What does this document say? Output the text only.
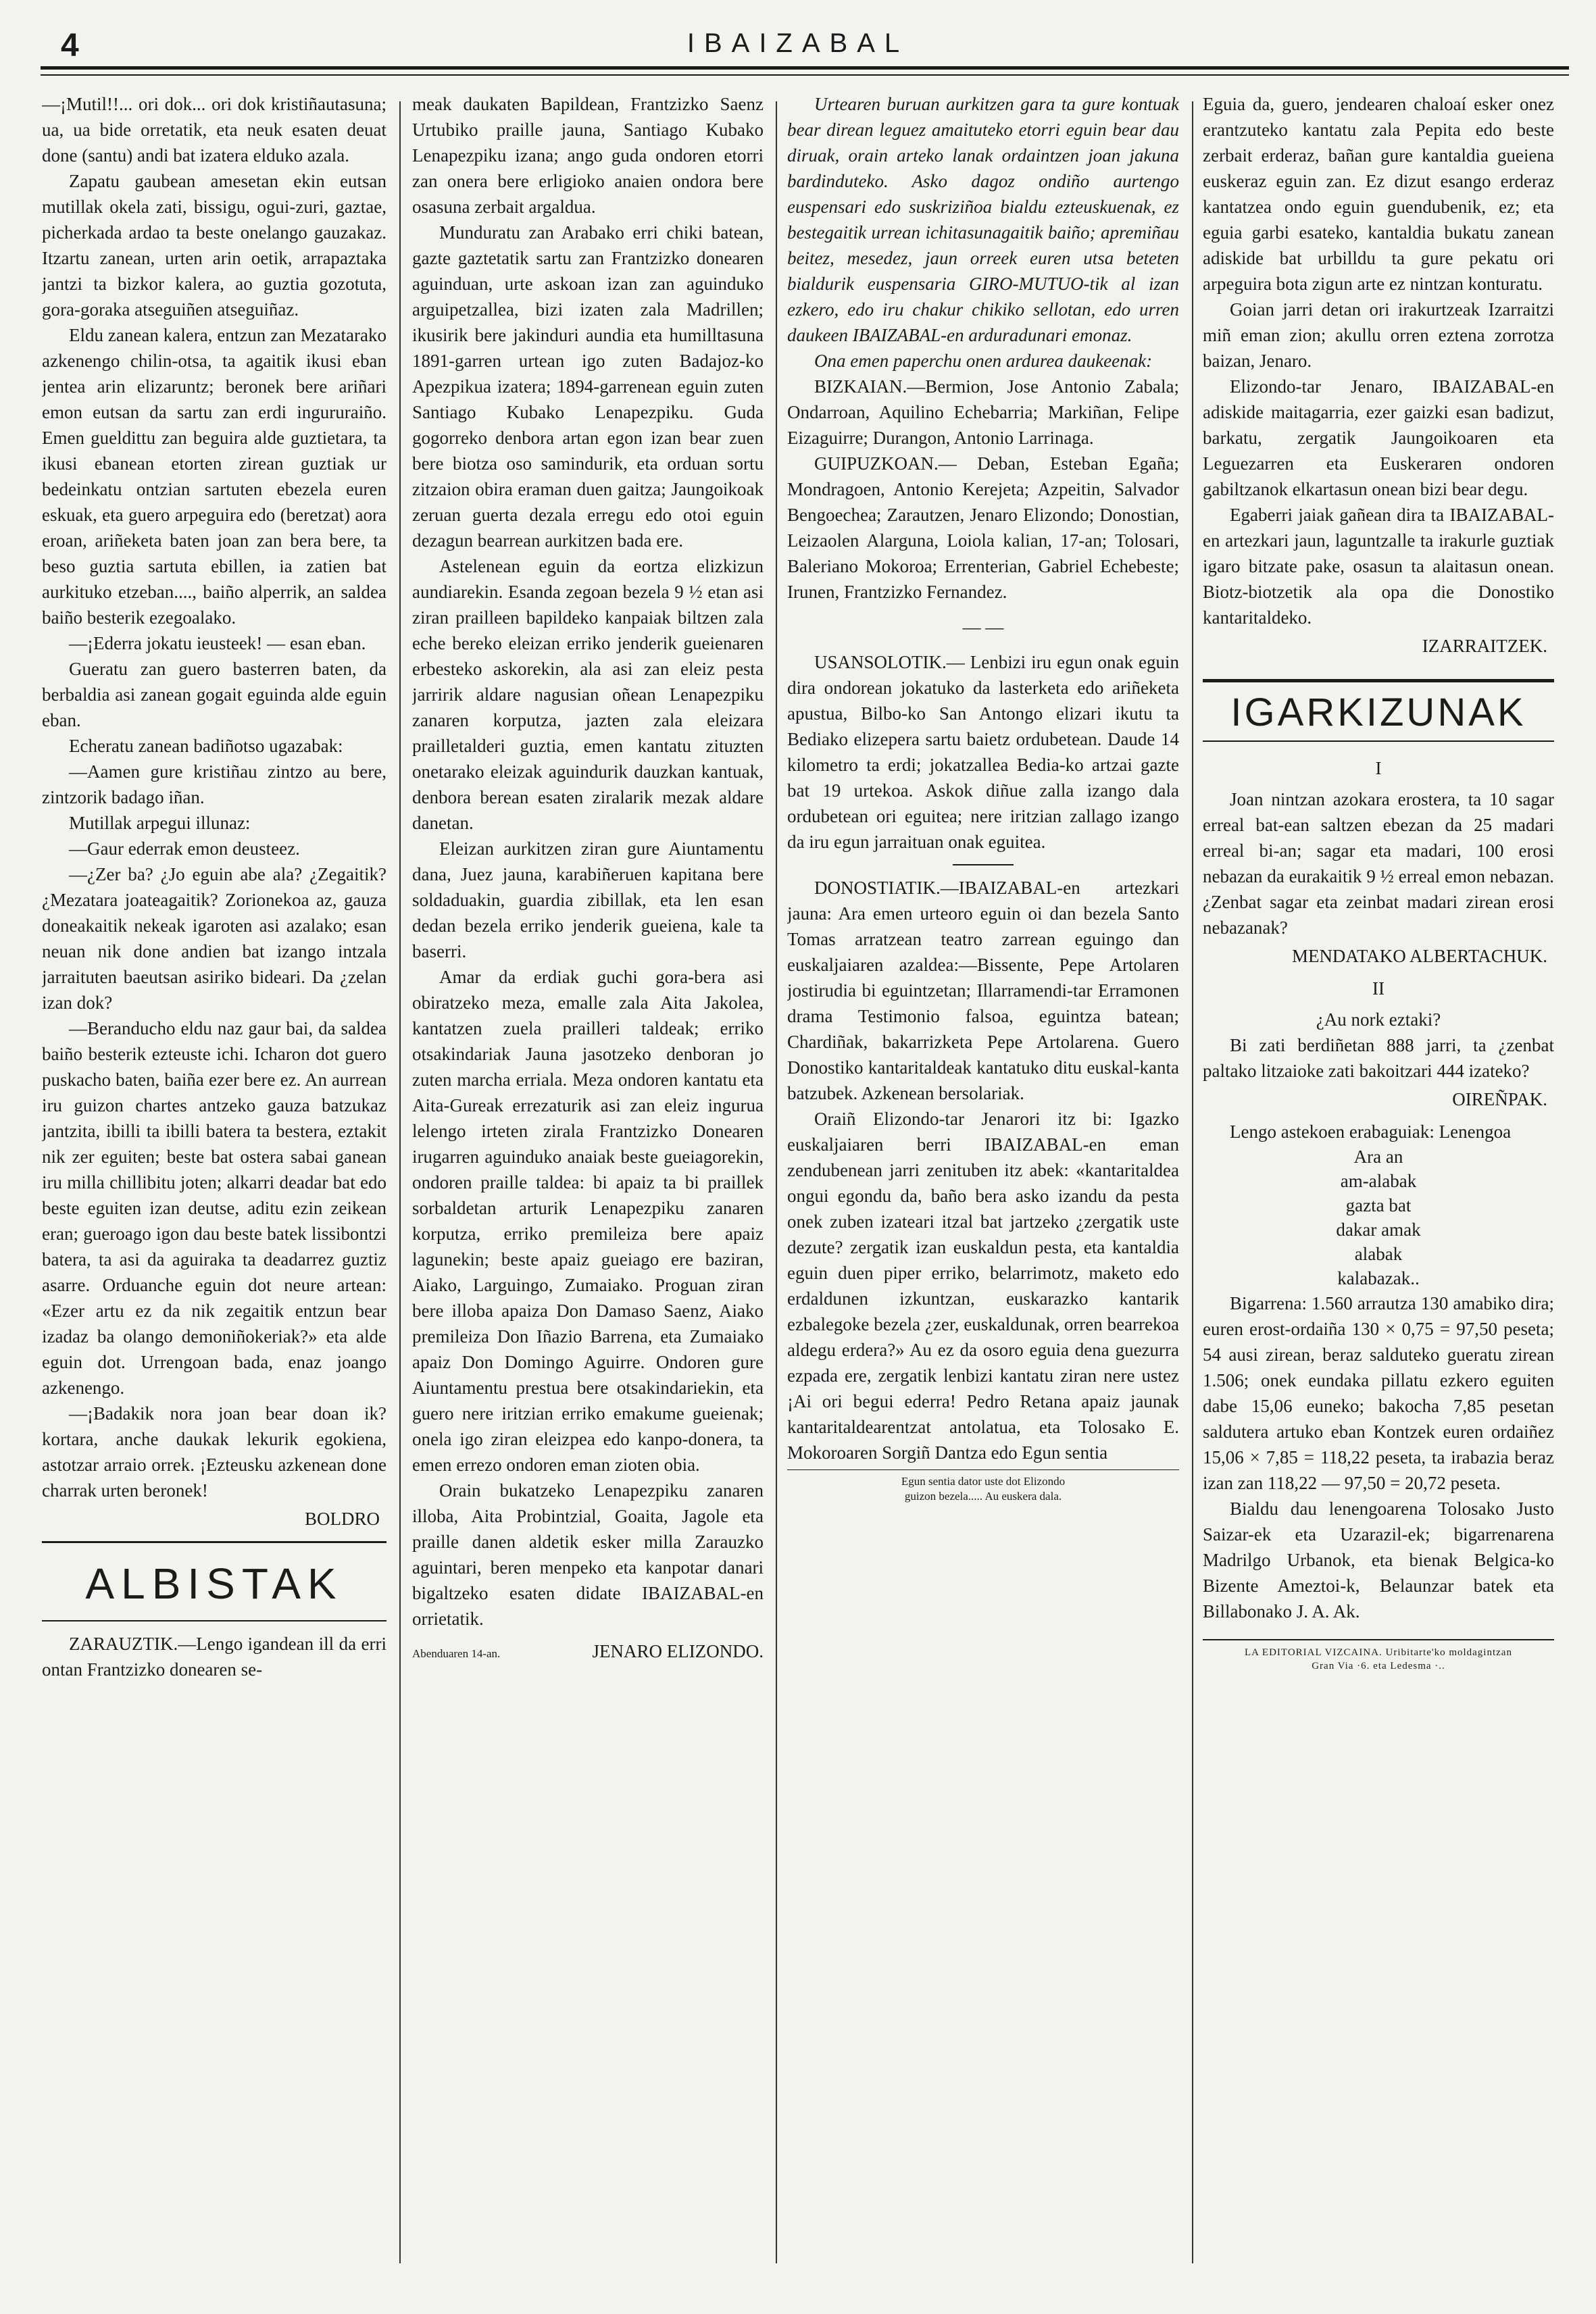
4	IBAIZABAL

—¡Mutil!!... ori dok... ori dok kristiñautasuna; ua, ua bide orretatik, eta neuk esaten deuat done (santu) andi bat izatera elduko azala.

Zapatu gaubean amesetan ekin eutsan mutillak okela zati, bissigu, ogui-zuri, gaztae, picherkada ardao ta beste onelango gauzakaz. Itzartu zanean, urten arin oetik, arrapaztaka jantzi ta bizkor kalera, ao guztia gozotuta, gora-goraka atseguiñen atseguiñaz.

Eldu zanean kalera, entzun zan Mezatarako azkenengo chilin-otsa, ta agaitik ikusi eban jentea arin elizaruntz; beronek bere ariñari emon eutsan da sartu zan erdi ingururaiño. Emen gueldittu zan beguira alde guztietara, ta ikusi ebanean etorten zirean guztiak ur bedeinkatu ontzian sartuten ebezela euren eskuak, eta guero arpeguira edo (beretzat) aora eroan, ariñeketa baten joan zan bera bere, ta beso guztia sartuta ebillen, ia zatien bat aurkituko etzeban...., baiño alperrik, an saldea baiño besterik ezegoalako.

—¡Ederra jokatu ieusteek! — esan eban.

Gueratu zan guero basterren baten, da berbaldia asi zanean gogait eguinda alde eguin eban.

Echeratu zanean badiñotso ugazabak:

—Aamen gure kristiñau zintzo au bere, zintzorik badago iñan.

Mutillak arpegui illunaz:

—Gaur ederrak emon deusteez.

—¿Zer ba? ¿Jo eguin abe ala? ¿Zegaitik? ¿Mezatara joateagaitik? Zorionekoa az, gauza doneakaitik nekeak igaroten asi azalako; esan neuan nik done andien bat izango intzala jarraituten baeutsan asiriko bideari. Da ¿zelan izan dok?

—Beranducho eldu naz gaur bai, da saldea baiño besterik ezteuste ichi. Icharon dot guero puskacho baten, baiña ezer bere ez. An aurrean iru guizon chartes antzeko gauza batzukaz jantzita, ibilli ta ibilli batera ta bestera, eztakit nik zer eguiten; beste bat ostera sabai ganean iru milla chillibitu joten; alkarri deadar bat edo beste eguiten izan deutse, aditu ezin zeikean eran; gueroago igon dau beste batek lissibontzi batera, ta asi da aguiraka ta deadarrez guztiz asarre. Orduanche eguin dot neure artean: «Ezer artu ez da nik zegaitik entzun bear izadaz ba olango demoniñokeriak?» eta alde eguin dot. Urrengoan bada, enaz joango azkenengo.

—¡Badakik nora joan bear doan ik? kortara, anche daukak lekurik egokiena, astotzar arraio orrek. ¡Ezteusku azkenean done charrak urten beronek!

BOLDRO
ALBISTAK

ZARAUZTIK.—Lengo igandean ill da erri ontan Frantzizko donearen se-

meak daukaten Bapildean, Frantzizko Saenz Urtubiko praille jauna, Santiago Kubako Lenapezpiku izana; ango guda ondoren etorri zan onera bere erligioko anaien ondora bere osasuna zerbait argaldua.

Munduratu zan Arabako erri chiki batean, gazte gaztetatik sartu zan Frantzizko donearen aguinduan, urte askoan izan zan aguinduko arguipetzallea, bizi izaten zala Madrillen; ikusirik bere jakinduri aundia eta humilltasuna 1891-garren urtean igo zuten Badajoz-ko Apezpikua izatera; 1894-garrenean eguin zuten Santiago Kubako Lenapezpiku. Guda gogorreko denbora artan egon izan bear zuen bere biotza oso samindurik, eta orduan sortu zitzaion obira eraman duen gaitza; Jaungoikoak zeruan guerta dezala erregu edo otoi eguin dezagun bearrean aurkitzen bada ere.

Astelenean eguin da eortza elizkizun aundiarekin. Esanda zegoan bezela 9 ½ etan asi ziran prailleen bapildeko kanpaiak biltzen zala eche bereko eleizan erriko jenderik gueienaren erbesteko askorekin, ala asi zan eleiz pesta jarririk aldare nagusian oñean Lenapezpiku zanaren korputza, jazten zala eleizara prailletalderi guztia, emen kantatu zituzten onetarako eleizak aguindurik dauzkan kantuak, denbora berean esaten ziralarik mezak aldare danetan.

Eleizan aurkitzen ziran gure Aiuntamentu dana, Juez jauna, karabiñeruen kapitana bere soldaduakin, guardia zibillak, eta len esan dedan bezela erriko jenderik gueiena, kale ta baserri.

Amar da erdiak guchi gora-bera asi obiratzeko meza, emalle zala Aita Jakolea, kantatzen zuela prailleri taldeak; erriko otsakindariak Jauna jasotzeko denboran jo zuten marcha erriala. Meza ondoren kantatu eta Aita-Gureak errezaturik asi zan eleiz ingurua lelengo irteten zirala Frantzizko Donearen irugarren aguinduko anaiak beste gueiagorekin, ondoren praille taldea: bi apaiz ta bi praillek sorbaldetan arturik Lenapezpiku zanaren korputza, erriko premileiza bere apaiz lagunekin; beste apaiz gueiago ere baziran, Aiako, Larguingo, Zumaiako. Proguan ziran bere illoba apaiza Don Damaso Saenz, Aiako premileiza Don Iñazio Barrena, eta Zumaiako apaiz Don Domingo Aguirre. Ondoren gure Aiuntamentu prestua bere otsakindariekin, eta guero nere iritzian erriko emakume gueienak; onela igo ziran eleizpea edo kanpo-donera, ta emen errezo ondoren eman zioten obia.

Orain bukatzeko Lenapezpiku zanaren illoba, Aita Probintzial, Goaita, Jagole eta praille danen aldetik esker milla Zarauzko aguintari, beren menpeko eta kanpotar danari bigaltzeko esaten didate IBAIZABAL-en orrietatik.

Abenduaren 14-an.	JENARO ELIZONDO.

Urtearen buruan aurkitzen gara ta gure kontuak bear direan leguez amaituteko etorri eguin bear dau diruak, orain arteko lanak ordaintzen joan jakuna bardinduteko. Asko dagoz ondiño aurtengo euspensari edo suskriziñoa bialdu ezteuskuenak, ez bestegaitik urrean ichitasunagaitik baiño; apremiñau beitez, mesedez, jaun orreek euren utsa beteten bialdurik euspensaria GIRO-MUTUO-tik al izan ezkero, edo iru chakur chikiko sellotan, edo urren daukeen IBAIZABAL-en arduradunari emonaz.

Ona emen paperchu onen ardurea daukeenak:

BIZKAIAN.—Bermion, Jose Antonio Zabala; Ondarroan, Aquilino Echebarria; Markiñan, Felipe Eizaguirre; Durangon, Antonio Larrinaga.

GUIPUZKOAN.— Deban, Esteban Egaña; Mondragoen, Antonio Kerejeta; Azpeitin, Salvador Bengoechea; Zarautzen, Jenaro Elizondo; Donostian, Leizaolen Alarguna, Loiola kalian, 17-an; Tolosari, Baleriano Mokoroa; Errenterian, Gabriel Echebeste; Irunen, Frantzizko Fernandez.

— —

USANSOLOTIK.— Lenbizi iru egun onak eguin dira ondorean jokatuko da lasterketa edo ariñeketa apustua, Bilbo-ko San Antongo elizari ikutu ta Bediako elizepera sartu baietz ordubetean. Daude 14 kilometro ta erdi; jokatzallea Bedia-ko artzai gazte bat 19 urtekoa. Askok diñue zalla izango dala ordubetean ori eguitea; nere iritzian zallago izango da iru egun jarraituan onak eguitea.

DONOSTIATIK.—IBAIZABAL-en artezkari jauna: Ara emen urteoro eguin oi dan bezela Santo Tomas arratzean teatro zarrean eguingo dan euskaljaiaren azaldea:—Bissente, Pepe Artolaren jostirudia bi eguintzetan; Illarramendi-tar Erramonen drama Testimonio falsoa, eguintza batean; Chardiñak, bakarrizketa Pepe Artolarena. Guero Donostiko kantaritaldeak kantatuko ditu euskal-kanta batzubek. Azkenean bersolariak.

Oraiñ Elizondo-tar Jenarori itz bi: Igazko euskaljaiaren berri IBAIZABAL-en eman zendubenean jarri zenituben itz abek: «kantaritaldea ongui egondu da, baño bera asko izandu da pesta onek zuben izateari itzal bat jartzeko ¿zergatik uste dezute? zergatik izan euskaldun pesta, eta kantaldia eguin duen piper erriko, belarrimotz, maketo edo erdaldunen izkuntzan, euskarazko kantarik ezbalegoke bezela ¿zer, euskaldunak, orren bearrekoa aldegu erdera?» Au ez da osoro eguia dena guezurra ezpada ere, zergatik lenbizi kantatu ziran nere ustez ¡Ai ori begui ederra! Pedro Retana apaiz jaunak kantaritaldearentzat antolatua, eta Tolosako E. Mokoroaren Sorgiñ Dantza edo Egun sentia

Egun sentia dator uste dot Elizondo
guizon bezela..... Au euskera dala.

Eguia da, guero, jendearen chaloaí esker onez erantzuteko kantatu zala Pepita edo beste zerbait erderaz, bañan gure kantaldia gueiena euskeraz eguin zan. Ez dizut esango erderaz kantatzea ondo eguin guendubenik, ez; eta eguia garbi esateko, kantaldia bukatu zanean adiskide bat urbilldu ta gure pekatu ori arpeguira bota zigun arte ez nintzan konturatu.

Goian jarri detan ori irakurtzeak Izarraitzi miñ eman zion; akullu orren eztena zorrotza baizan, Jenaro.

Elizondo-tar Jenaro, IBAIZABAL-en adiskide maitagarria, ezer gaizki esan badizut, barkatu, zergatik Jaungoikoaren eta Leguezarren eta Euskeraren ondoren gabiltzanok elkartasun onean bizi bear degu.

Egaberri jaiak gañean dira ta IBAIZABAL-en artezkari jaun, laguntzalle ta irakurle guztiak igaro bitzate pake, osasun ta alaitasun onean. Biotz-biotzetik ala opa die Donostiko kantaritaldeko.

IZARRAITZEK.
IGARKIZUNAK
I

Joan nintzan azokara erostera, ta 10 sagar erreal bat-ean saltzen ebezan da 25 madari erreal bi-an; sagar eta madari, 100 erosi nebazan da eurakaitik 9 ½ erreal emon nebazan. ¿Zenbat sagar eta zeinbat madari zirean erosi nebazanak?

MENDATAKO ALBERTACHUK.
II
¿Au nork eztaki?

Bi zati berdiñetan 888 jarri, ta ¿zenbat paltako litzaioke zati bakoitzari 444 izateko?

OIREÑPAK.

Lengo astekoen erabaguiak: Lenengoa

Ara an
am-alabak
gazta bat
dakar amak
alabak
kalabazak..

Bigarrena: 1.560 arrautza 130 amabiko dira; euren erost-ordaiña 130 × 0,75 = 97,50 peseta; 54 ausi zirean, beraz salduteko gueratu zirean 1.506; onek eundaka pillatu ezkero eguiten dabe 15,06 euneko; bakocha 7,85 pesetan saldutera artuko eban Kontzek euren ordaiñez 15,06 × 7,85 = 118,22 peseta, ta irabazia beraz izan zan 118,22 — 97,50 = 20,72 peseta.

Bialdu dau lenengoarena Tolosako Justo Saizar-ek eta Uzarazil-ek; bigarrenarena Madrilgo Urbanok, eta bienak Belgica-ko Bizente Ameztoi-k, Belaunzar batek eta Billabonako J. A. Ak.

LA EDITORIAL VIZCAINA. Uribitarte'ko moldagintzan
Gran Via ·6. eta Ledesma ·..
